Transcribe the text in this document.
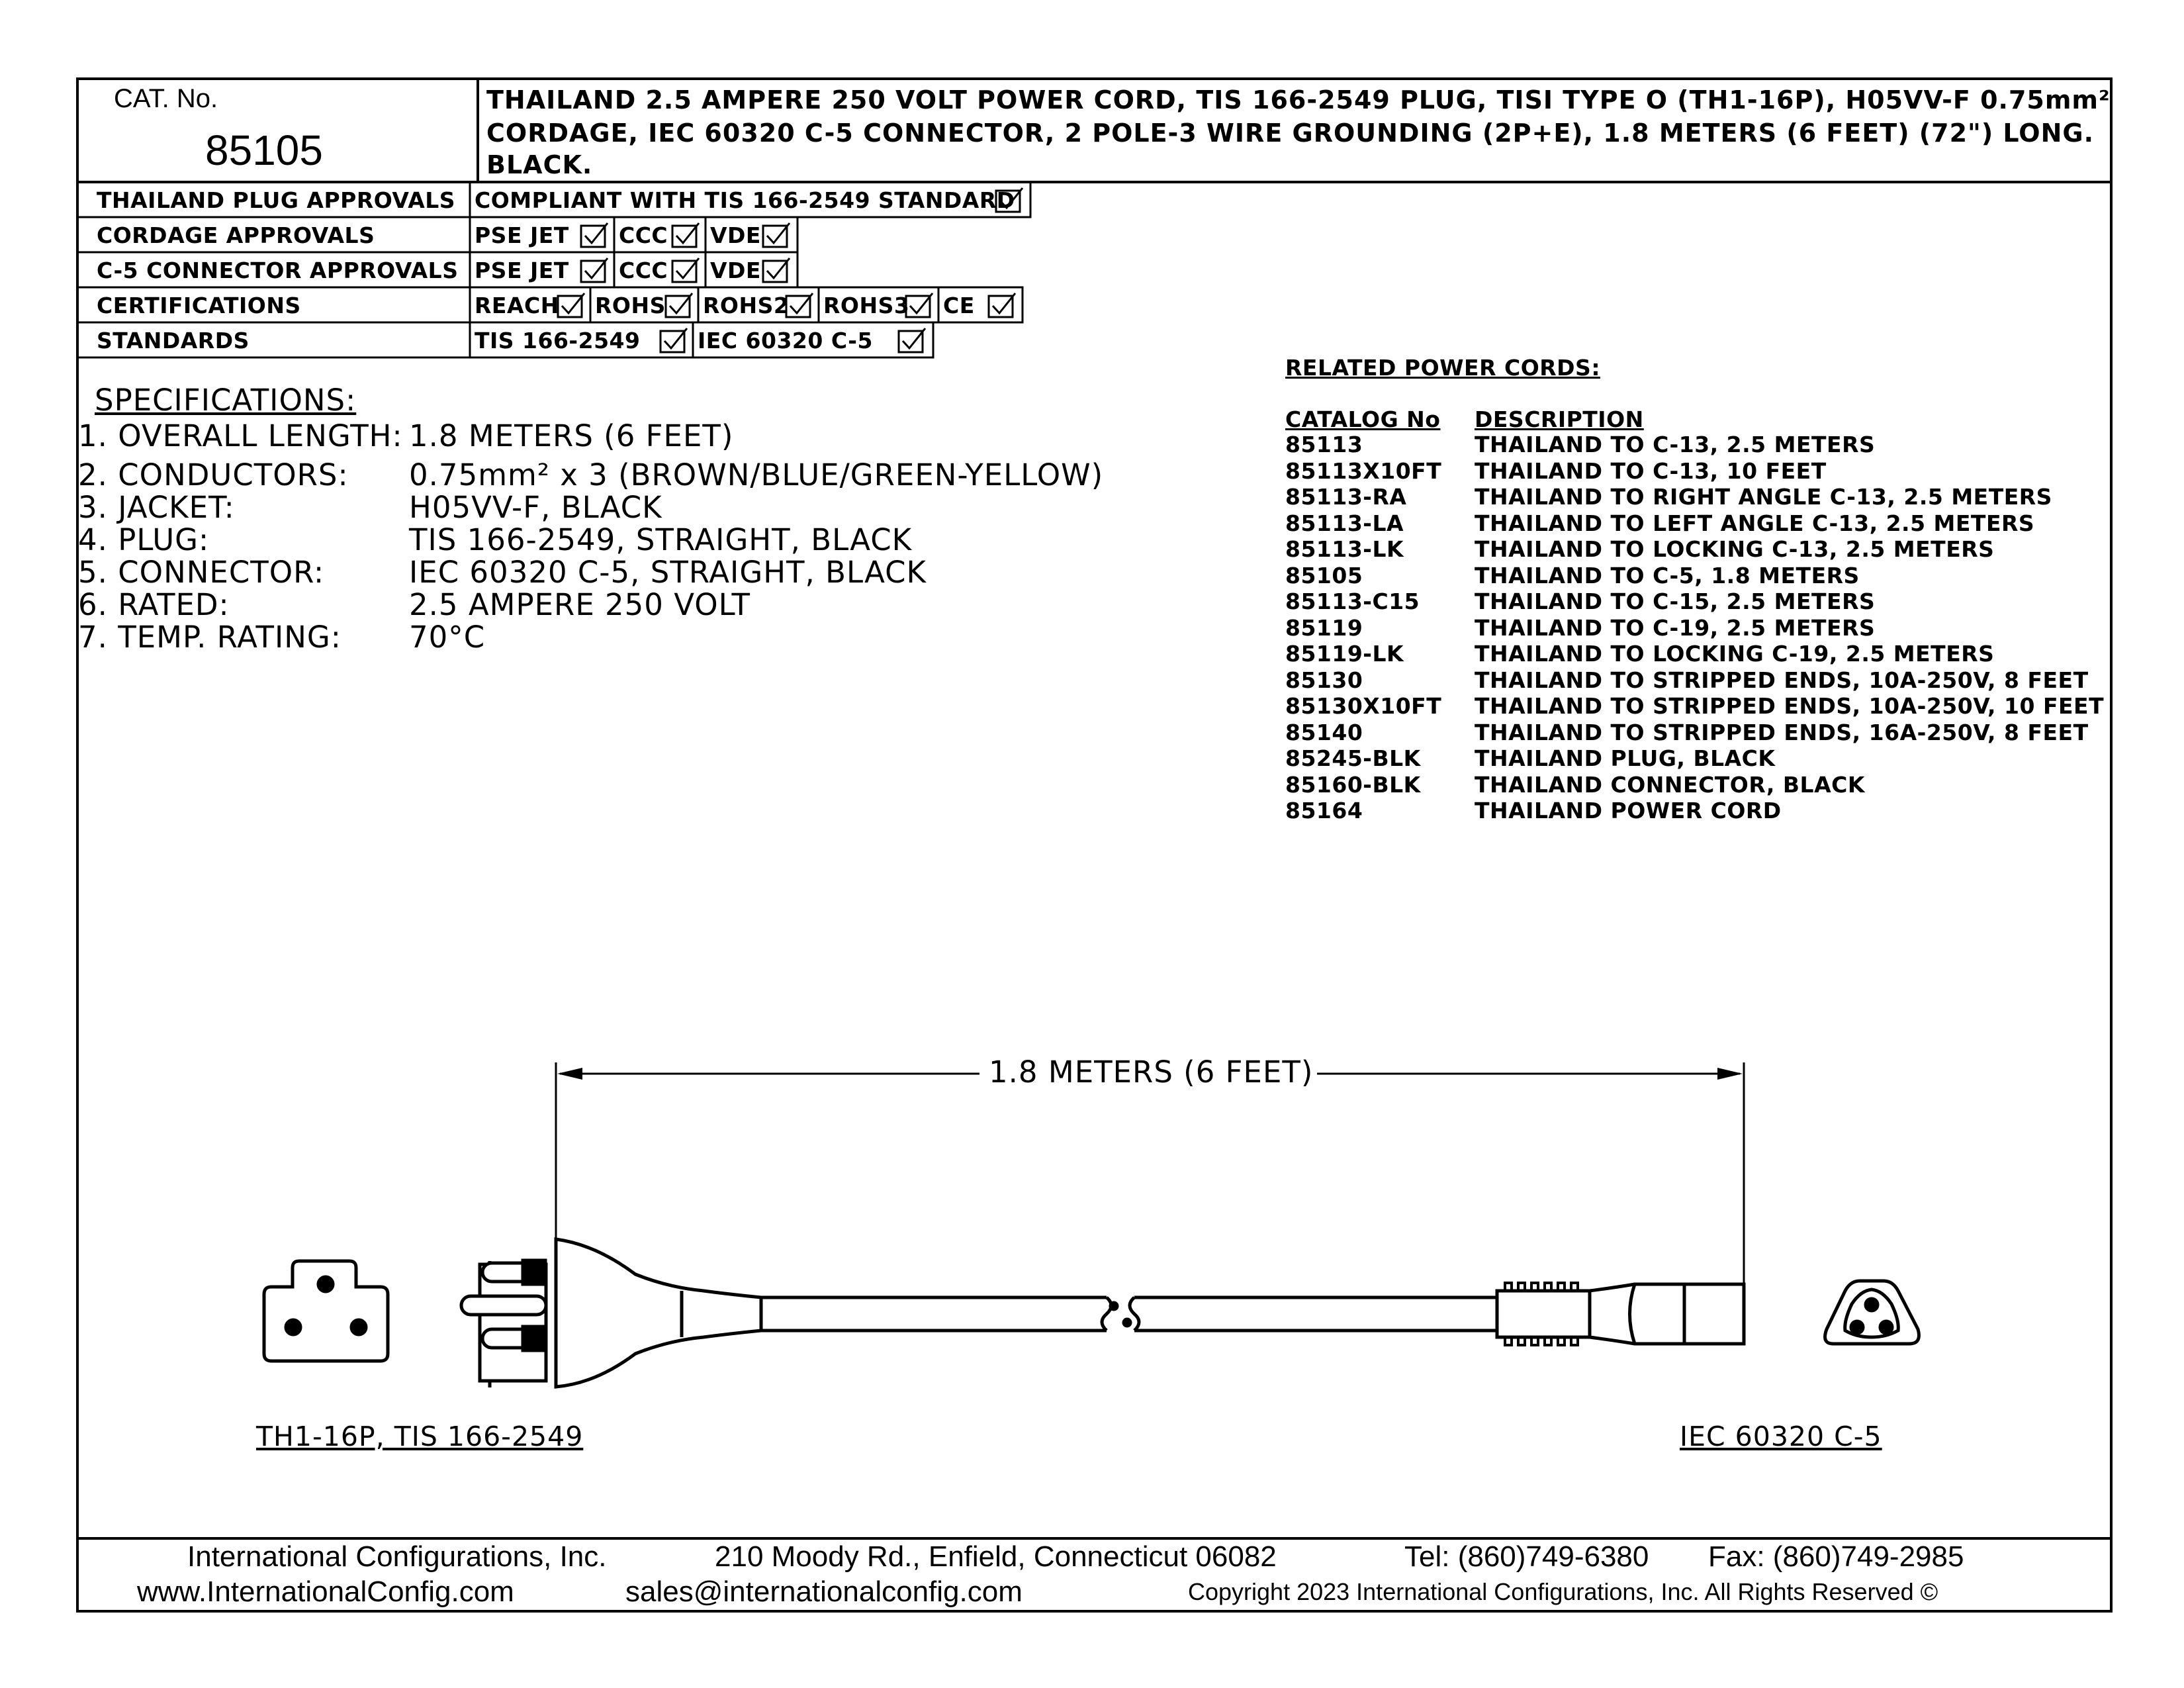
CAT. No.
85105
THAILAND 2.5 AMPERE 250 VOLT POWER CORD, TIS 166-2549 PLUG, TISI TYPE O (TH1-16P), H05VV-F 0.75mm²
CORDAGE, IEC 60320 C-5 CONNECTOR, 2 POLE-3 WIRE GROUNDING (2P+E), 1.8 METERS (6 FEET) (72") LONG.
BLACK.
THAILAND PLUG APPROVALS COMPLIANT WITH TIS 166-2549 STANDARD
CORDAGE APPROVALS	PSE JET CCC VDE
C-5 CONNECTOR APPROVALS PSE JET CCC VDE
CERTIFICATIONS	REACH ROHS ROHS2 ROHS3 CE
STANDARDS	TIS 166-2549	IEC 60320 C-5
SPECIFICATIONS:
1. OVERALL LENGTH: 1.8 METERS (6 FEET)
2. CONDUCTORS: 0.75mm² x 3 (BROWN/BLUE/GREEN-YELLOW)
3. JACKET:	H05VV-F, BLACK
4. PLUG:	TIS 166-2549, STRAIGHT, BLACK
5. CONNECTOR:	IEC 60320 C-5, STRAIGHT, BLACK
6. RATED:	2.5 AMPERE 250 VOLT
7. TEMP. RATING: 70°C
RELATED POWER CORDS:
CATALOG No DESCRIPTION
85113	THAILAND TO C-13, 2.5 METERS
85113X10FT THAILAND TO C-13, 10 FEET
85113-RA	THAILAND TO RIGHT ANGLE C-13, 2.5 METERS
85113-LA	THAILAND TO LEFT ANGLE C-13, 2.5 METERS
85113-LK	THAILAND TO LOCKING C-13, 2.5 METERS
85105	THAILAND TO C-5, 1.8 METERS
85113-C15	THAILAND TO C-15, 2.5 METERS
85119	THAILAND TO C-19, 2.5 METERS
85119-LK	THAILAND TO LOCKING C-19, 2.5 METERS
85130	THAILAND TO STRIPPED ENDS, 10A-250V, 8 FEET
85130X10FT THAILAND TO STRIPPED ENDS, 10A-250V, 10 FEET
85140	THAILAND TO STRIPPED ENDS, 16A-250V, 8 FEET
85245-BLK THAILAND PLUG, BLACK
85160-BLK THAILAND CONNECTOR, BLACK
85164	THAILAND POWER CORD
1.8 METERS (6 FEET)
TH1-16P, TIS 166-2549	IEC 60320 C-5
International Configurations, Inc.	210 Moody Rd., Enfield, Connecticut 06082	Tel: (860)749-6380 Fax: (860)749-2985
www.InternationalConfig.com	sales@internationalconfig.com	Copyright 2023 International Configurations, Inc. All Rights Reserved ©
